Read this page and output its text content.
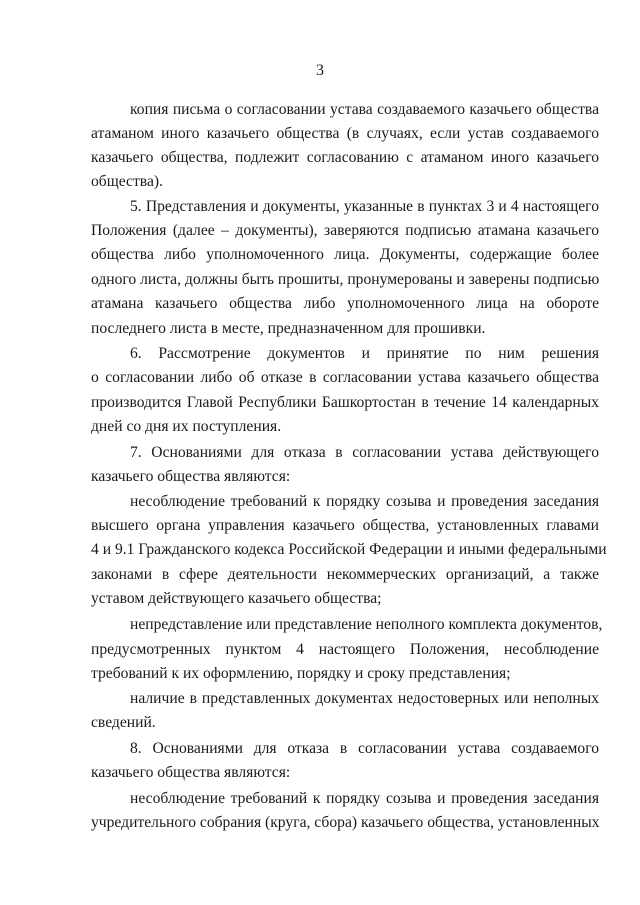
3
копия письма о согласовании устава создаваемого казачьего общества
атаманом иного казачьего общества (в случаях, если устав создаваемого
казачьего общества, подлежит согласованию с атаманом иного казачьего
общества).
5. Представления и документы, указанные в пунктах 3 и 4 настоящего
Положения (далее – документы), заверяются подписью атамана казачьего
общества либо уполномоченного лица. Документы, содержащие более
одного листа, должны быть прошиты, пронумерованы и заверены подписью
атамана казачьего общества либо уполномоченного лица на обороте
последнего листа в месте, предназначенном для прошивки.
6. Рассмотрение документов и принятие по ним решения
о согласовании либо об отказе в согласовании устава казачьего общества
производится Главой Республики Башкортостан в течение 14 календарных
дней со дня их поступления.
7. Основаниями для отказа в согласовании устава действующего
казачьего общества являются:
несоблюдение требований к порядку созыва и проведения заседания
высшего органа управления казачьего общества, установленных главами
4 и 9.1 Гражданского кодекса Российской Федерации и иными федеральными
законами в сфере деятельности некоммерческих организаций, а также
уставом действующего казачьего общества;
непредставление или представление неполного комплекта документов,
предусмотренных пунктом 4 настоящего Положения, несоблюдение
требований к их оформлению, порядку и сроку представления;
наличие в представленных документах недостоверных или неполных
сведений.
8. Основаниями для отказа в согласовании устава создаваемого
казачьего общества являются:
несоблюдение требований к порядку созыва и проведения заседания
учредительного собрания (круга, сбора) казачьего общества, установленных
